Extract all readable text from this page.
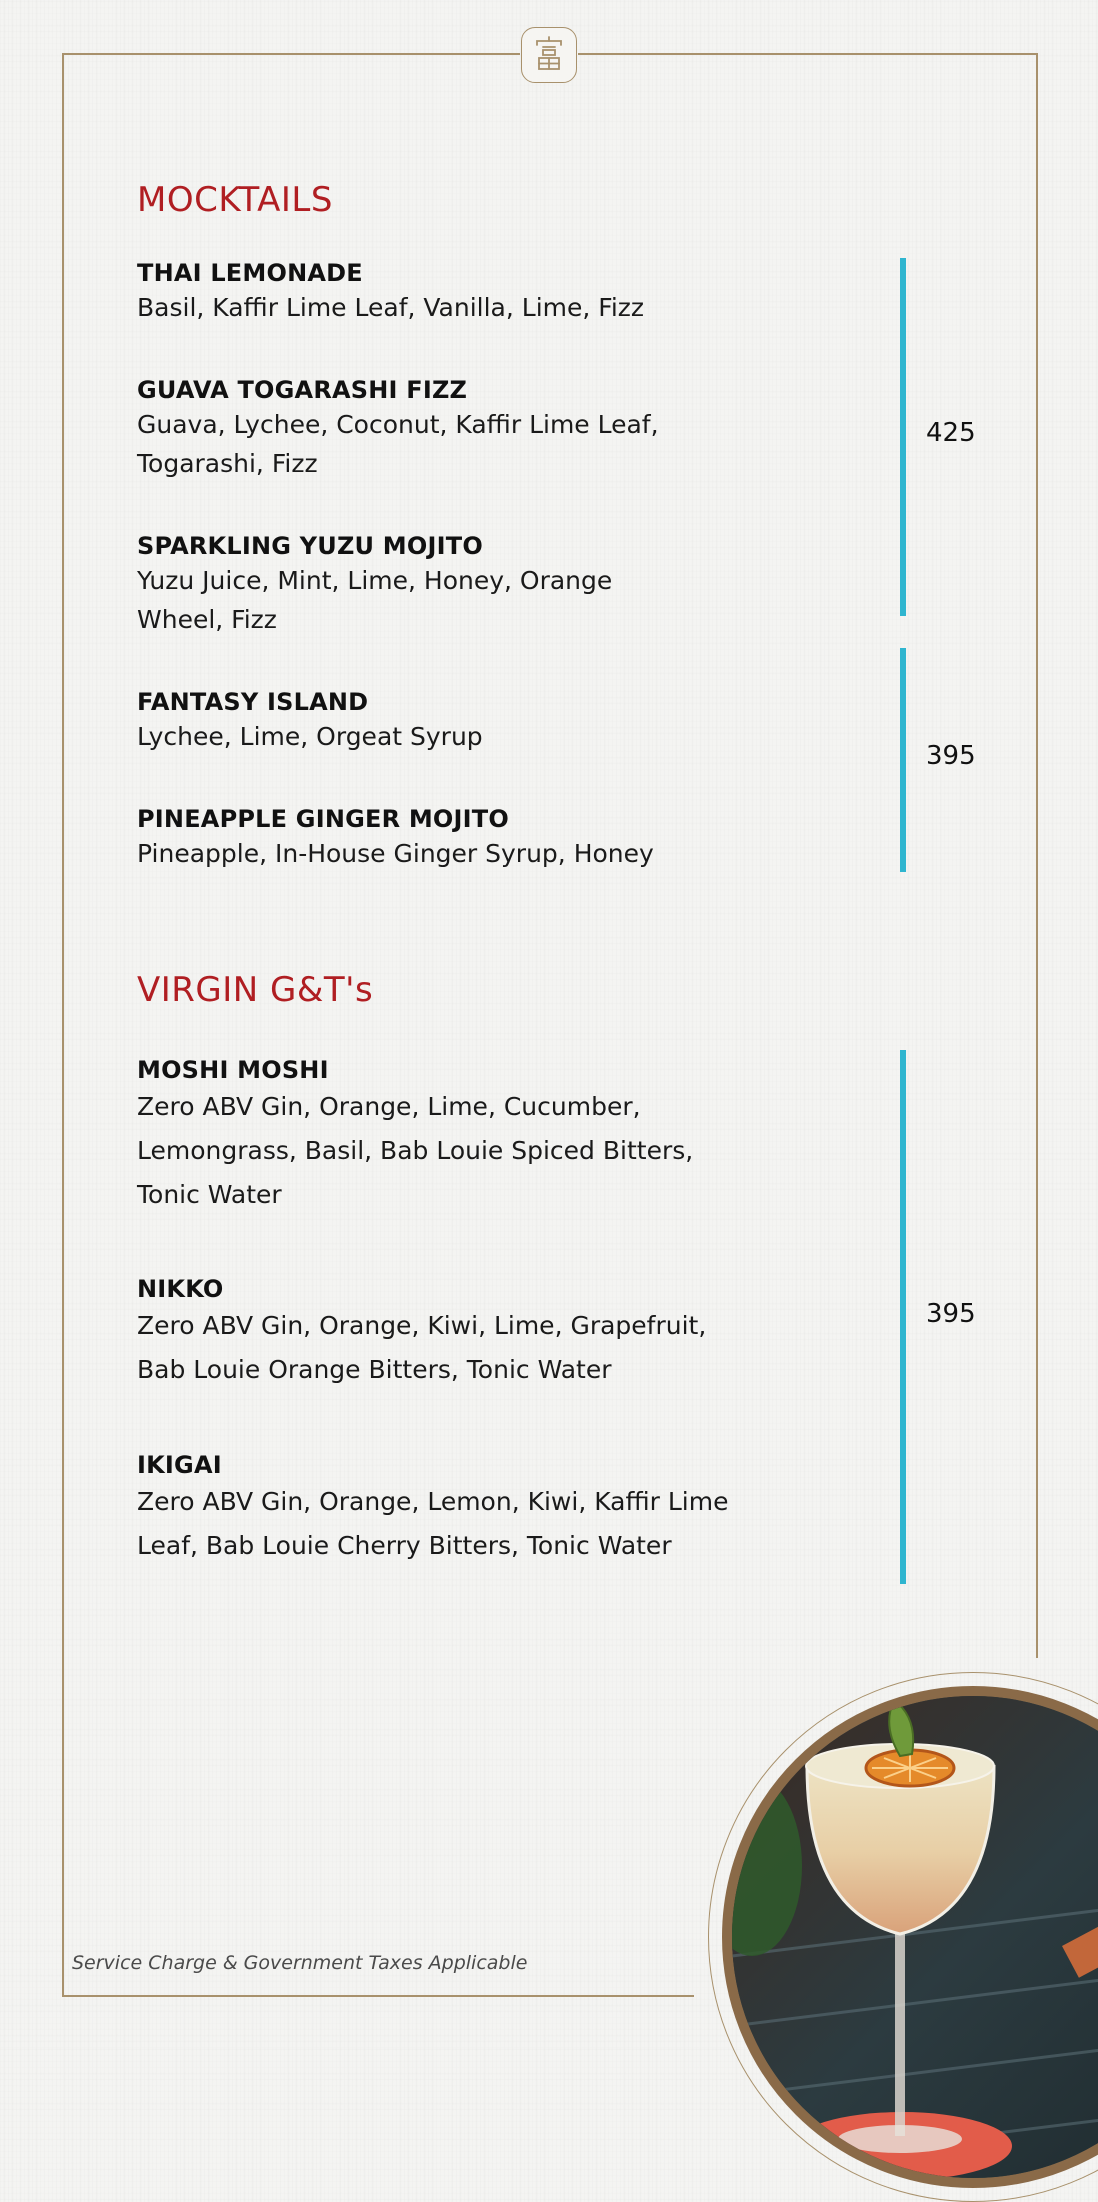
MOCKTAILS
THAI LEMONADE
Basil, Kaffir Lime Leaf, Vanilla, Lime, Fizz
GUAVA TOGARASHI FIZZ
Guava, Lychee, Coconut, Kaffir Lime Leaf,
Togarashi, Fizz
SPARKLING YUZU MOJITO
Yuzu Juice, Mint, Lime, Honey, Orange
Wheel, Fizz
FANTASY ISLAND
Lychee, Lime, Orgeat Syrup
PINEAPPLE GINGER MOJITO
Pineapple, In-House Ginger Syrup, Honey
425
395
VIRGIN G&T's
MOSHI MOSHI
Zero ABV Gin, Orange, Lime, Cucumber,
Lemongrass, Basil, Bab Louie Spiced Bitters,
Tonic Water
NIKKO
Zero ABV Gin, Orange, Kiwi, Lime, Grapefruit,
Bab Louie Orange Bitters, Tonic Water
IKIGAI
Zero ABV Gin, Orange, Lemon, Kiwi, Kaffir Lime
Leaf, Bab Louie Cherry Bitters, Tonic Water
395
Service Charge & Government Taxes Applicable
